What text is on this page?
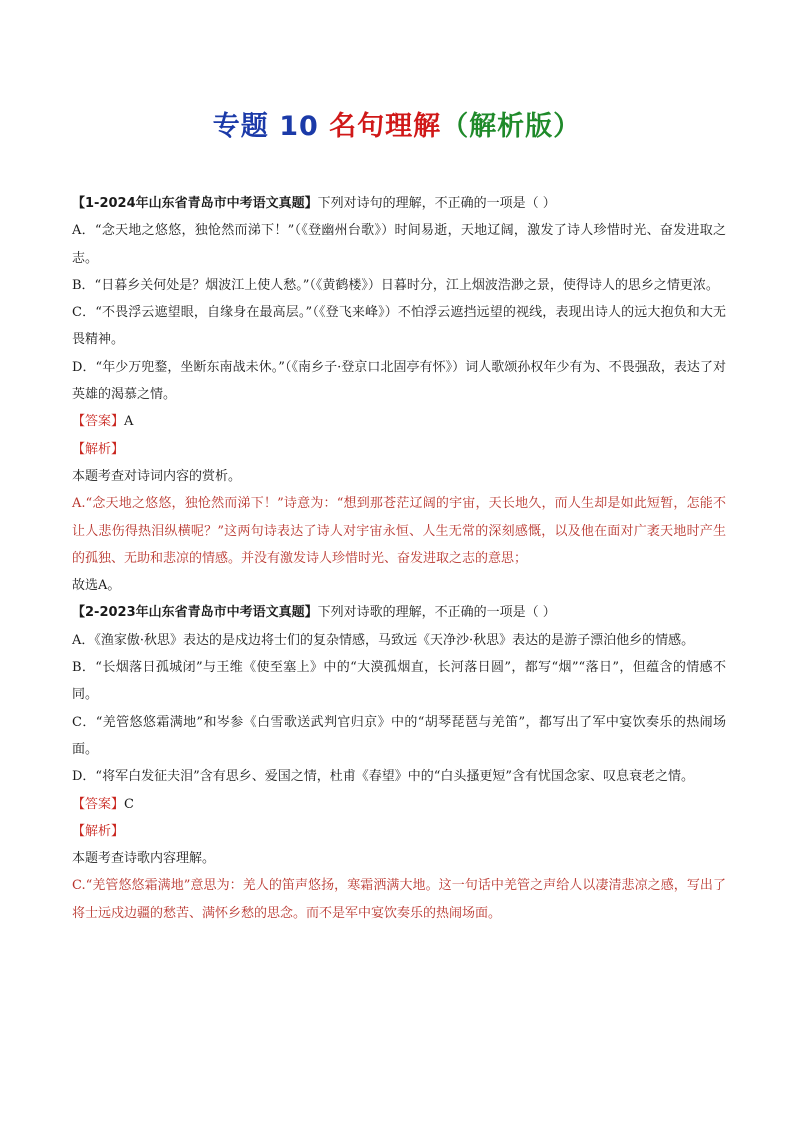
专题 10 名句理解（解析版）

【1-2024年山东省青岛市中考语文真题】下列对诗句的理解，不正确的一项是（ ）

A．“念天地之悠悠，独怆然而涕下！”（《登幽州台歌》）时间易逝，天地辽阔，激发了诗人珍惜时光、奋发进取之志。

B．“日暮乡关何处是？烟波江上使人愁。”（《黄鹤楼》）日暮时分，江上烟波浩渺之景，使得诗人的思乡之情更浓。

C．“不畏浮云遮望眼，自缘身在最高层。”（《登飞来峰》）不怕浮云遮挡远望的视线，表现出诗人的远大抱负和大无畏精神。

D．“年少万兜鍪，坐断东南战未休。”（《南乡子·登京口北固亭有怀》）词人歌颂孙权年少有为、不畏强敌，表达了对英雄的渴慕之情。

【答案】A

【解析】

本题考查对诗词内容的赏析。

A.“念天地之悠悠，独怆然而涕下！”诗意为：“想到那苍茫辽阔的宇宙，天长地久，而人生却是如此短暂，怎能不让人悲伤得热泪纵横呢？”这两句诗表达了诗人对宇宙永恒、人生无常的深刻感慨，以及他在面对广袤天地时产生的孤独、无助和悲凉的情感。并没有激发诗人珍惜时光、奋发进取之志的意思；

故选A。

【2-2023年山东省青岛市中考语文真题】下列对诗歌的理解，不正确的一项是（ ）

A．《渔家傲·秋思》表达的是戍边将士们的复杂情感，马致远《天净沙·秋思》表达的是游子漂泊他乡的情感。

B．“长烟落日孤城闭”与王维《使至塞上》中的“大漠孤烟直，长河落日圆”，都写“烟”“落日”，但蕴含的情感不同。

C．“羌管悠悠霜满地”和岑参《白雪歌送武判官归京》中的“胡琴琵琶与羌笛”，都写出了军中宴饮奏乐的热闹场面。

D．“将军白发征夫泪”含有思乡、爱国之情，杜甫《春望》中的“白头搔更短”含有忧国念家、叹息衰老之情。

【答案】C

【解析】

本题考查诗歌内容理解。

C.“羌管悠悠霜满地”意思为：羌人的笛声悠扬，寒霜洒满大地。这一句话中羌管之声给人以凄清悲凉之感，写出了将士远戍边疆的愁苦、满怀乡愁的思念。而不是军中宴饮奏乐的热闹场面。
